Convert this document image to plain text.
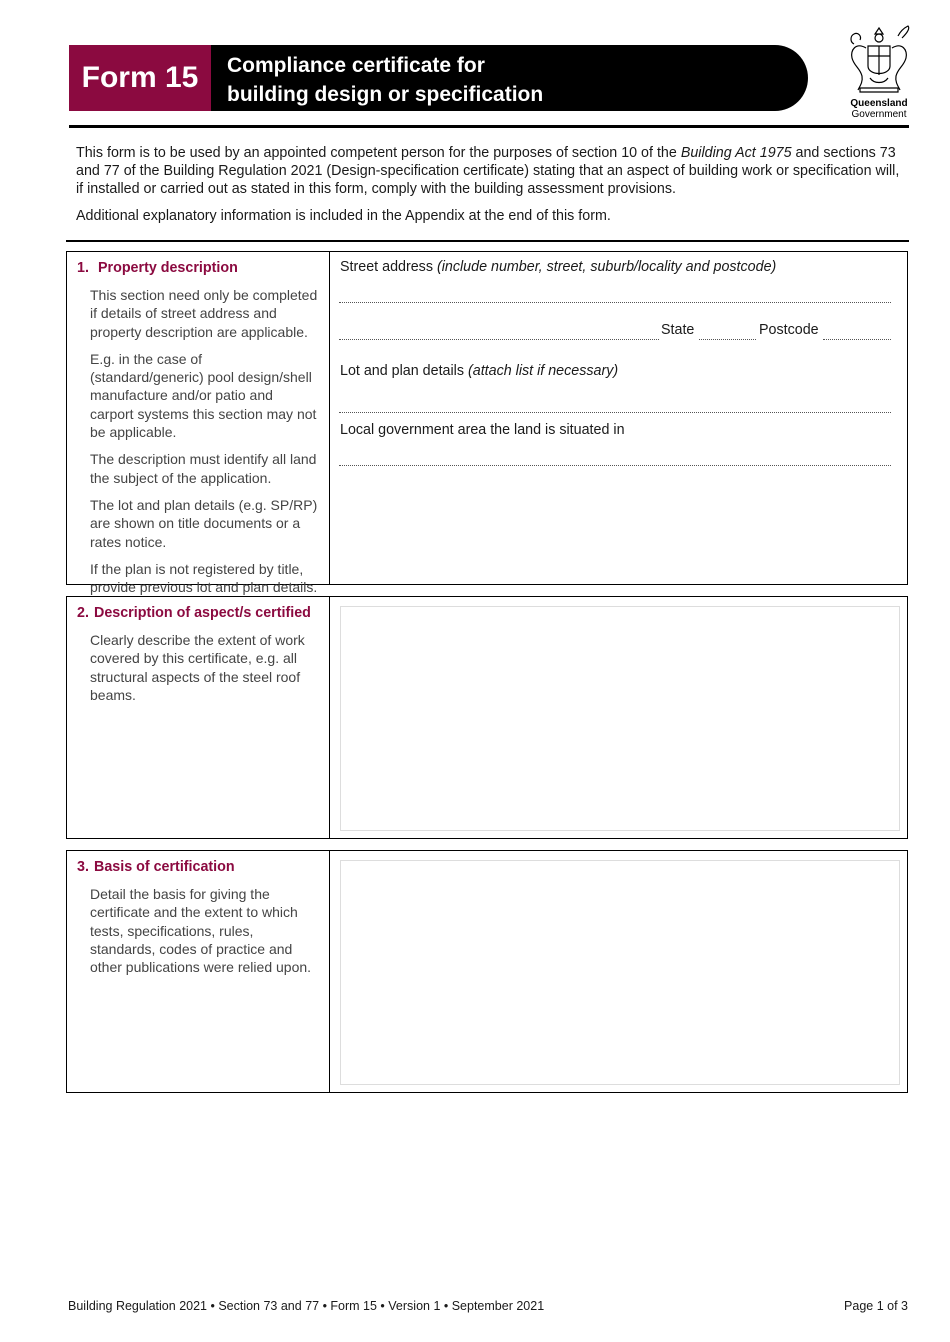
Form 15 Compliance certificate for
building design or specification	Queensland
Government

This form is to be used by an appointed competent person for the purposes of section 10 of the Building Act 1975 and sections 73 and 77 of the Building Regulation 2021 (Design-specification certificate) stating that an aspect of building work or specification will, if installed or carried out as stated in this form, comply with the building assessment provisions.

Additional explanatory information is included in the Appendix at the end of this form.

1. Property description
This section need only be completed if details of street address and property description are applicable.
E.g. in the case of (standard/generic) pool design/shell manufacture and/or patio and carport systems this section may not be applicable.
The description must identify all land the subject of the application.
The lot and plan details (e.g. SP/RP) are shown on title documents or a rates notice.
If the plan is not registered by title, provide previous lot and plan details.
Street address (include number, street, suburb/locality and postcode)
State	Postcode
Lot and plan details (attach list if necessary)
Local government area the land is situated in
2. Description of aspect/s certified
Clearly describe the extent of work covered by this certificate, e.g. all structural aspects of the steel roof beams.
3. Basis of certification
Detail the basis for giving the certificate and the extent to which tests, specifications, rules, standards, codes of practice and other publications were relied upon.
Building Regulation 2021 • Section 73 and 77 • Form 15 • Version 1 • September 2021	Page 1 of 3
